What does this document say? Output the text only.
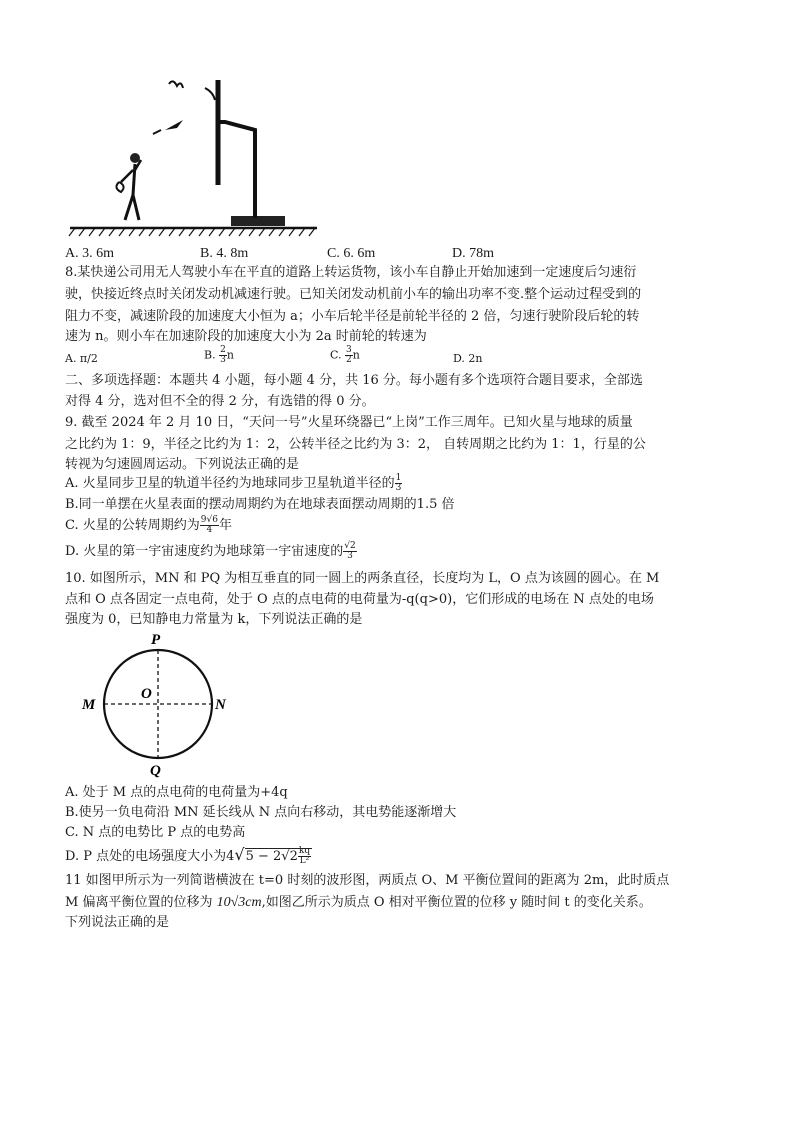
A. 3. 6m	B. 4. 8m	C. 6. 6m	D. 78m
8.某快递公司用无人驾驶小车在平直的道路上转运货物，该小车自静止开始加速到一定速度后匀速衍
驶，快接近终点时关闭发动机减速行驶。已知关闭发动机前小车的输出功率不变.整个运动过程受到的
阻力不变，减速阶段的加速度大小恒为 a；小车后轮半径是前轮半径的 2 倍，匀速行驶阶段后轮的转
速为 n。则小车在加速阶段的加速度大小为 2a 时前轮的转速为
A. π/2	B. $\frac{2}{3}$ n	C. $\frac{3}{2}$ n	D. 2n
二、多项选择题：本题共 4 小题，每小题 4 分，共 16 分。每小题有多个选项符合题目要求，全部选
对得 4 分，选对但不全的得 2 分，有选错的得 0 分。
9. 截至 2024 年 2 月 10 日，“天问一号”火星环绕器已“上岗”工作三周年。已知火星与地球的质量
之比约为 1：9，半径之比约为 1：2，公转半径之比约为 3：2， 自转周期之比约为 1：1，行星的公
转视为匀速圆周运动。下列说法正确的是
A. 火星同步卫星的轨道半径约为地球同步卫星轨道半径的 $\frac{1}{3}$
B.同一单摆在火星表面的摆动周期约为在地球表面摆动周期的1.5 倍
C. 火星的公转周期约为 $\frac{9√6}{4}$ 年
D. 火星的第一宇宙速度约为地球第一宇宙速度的 $\frac{√2}{3}$
10. 如图所示，MN 和 PQ 为相互垂直的同一圆上的两条直径，长度均为 L，O 点为该圆的圆心。在 M
点和 O 点各固定一点电荷，处于 O 点的点电荷的电荷量为-q(q>0)，它们形成的电场在 N 点处的电场
强度为 0，已知静电力常量为 k，下列说法正确的是
P
Q
M	N
O
A. 处于 M 点的点电荷的电荷量为+4q
B.使另一负电荷沿 MN 延长线从 N 点向右移动，其电势能逐渐增大
C. N 点的电势比 P 点的电势高
D. P 点处的电场强度大小为$4√5 - 2√2 \frac{kq}{\text{L²}}$
11 如图甲所示为一列简谐横波在 t=0 时刻的波形图，两质点 O、M 平衡位置间的距离为 2m，此时质点
M 偏离平衡位置的位移为 10√3cm,如图乙所示为质点 O 相对平衡位置的位移 y 随时间 t 的变化关系。
下列说法正确的是
